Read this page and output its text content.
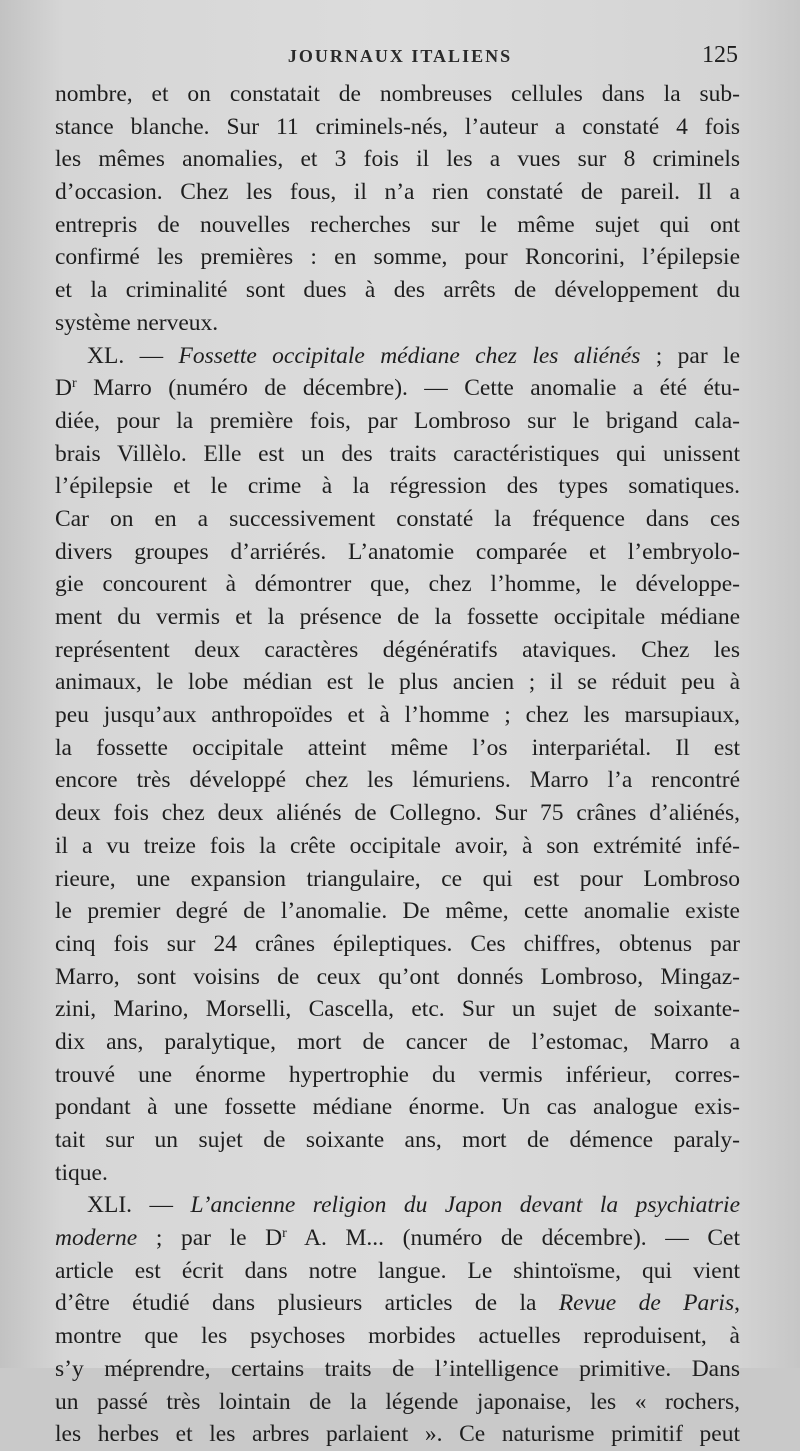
JOURNAUX ITALIENS	125
nombre, et on constatait de nombreuses cellules dans la sub-
stance blanche. Sur 11 criminels-nés, l’auteur a constaté 4 fois
les mêmes anomalies, et 3 fois il les a vues sur 8 criminels
d’occasion. Chez les fous, il n’a rien constaté de pareil. Il a
entrepris de nouvelles recherches sur le même sujet qui ont
confirmé les premières : en somme, pour Roncorini, l’épilepsie
et la criminalité sont dues à des arrêts de développement du
système nerveux.
XL. — Fossette occipitale médiane chez les aliénés ; par le
$D^r$ Marro (numéro de décembre). — Cette anomalie a été étu-
diée, pour la première fois, par Lombroso sur le brigand cala-
brais Villèlo. Elle est un des traits caractéristiques qui unissent
l’épilepsie et le crime à la régression des types somatiques.
Car on en a successivement constaté la fréquence dans ces
divers groupes d’arriérés. L’anatomie comparée et l’embryolo-
gie concourent à démontrer que, chez l’homme, le développe-
ment du vermis et la présence de la fossette occipitale médiane
représentent deux caractères dégénératifs ataviques. Chez les
animaux, le lobe médian est le plus ancien ; il se réduit peu à
peu jusqu’aux anthropoïdes et à l’homme ; chez les marsupiaux,
la fossette occipitale atteint même l’os interpariétal. Il est
encore très développé chez les lémuriens. Marro l’a rencontré
deux fois chez deux aliénés de Collegno. Sur 75 crânes d’aliénés,
il a vu treize fois la crête occipitale avoir, à son extrémité infé-
rieure, une expansion triangulaire, ce qui est pour Lombroso
le premier degré de l’anomalie. De même, cette anomalie existe
cinq fois sur 24 crânes épileptiques. Ces chiffres, obtenus par
Marro, sont voisins de ceux qu’ont donnés Lombroso, Mingaz-
zini, Marino, Morselli, Cascella, etc. Sur un sujet de soixante-
dix ans, paralytique, mort de cancer de l’estomac, Marro a
trouvé une énorme hypertrophie du vermis inférieur, corres-
pondant à une fossette médiane énorme. Un cas analogue exis-
tait sur un sujet de soixante ans, mort de démence paraly-
tique.
XLI. — L’ancienne religion du Japon devant la psychiatrie
moderne ; par le $D^r$ A. M... (numéro de décembre). — Cet
article est écrit dans notre langue. Le shintoïsme, qui vient
d’être étudié dans plusieurs articles de la Revue de Paris,
montre que les psychoses morbides actuelles reproduisent, à
s’y méprendre, certains traits de l’intelligence primitive. Dans
un passé très lointain de la légende japonaise, les « rochers,
les herbes et les arbres parlaient ». Ce naturisme primitif peut
